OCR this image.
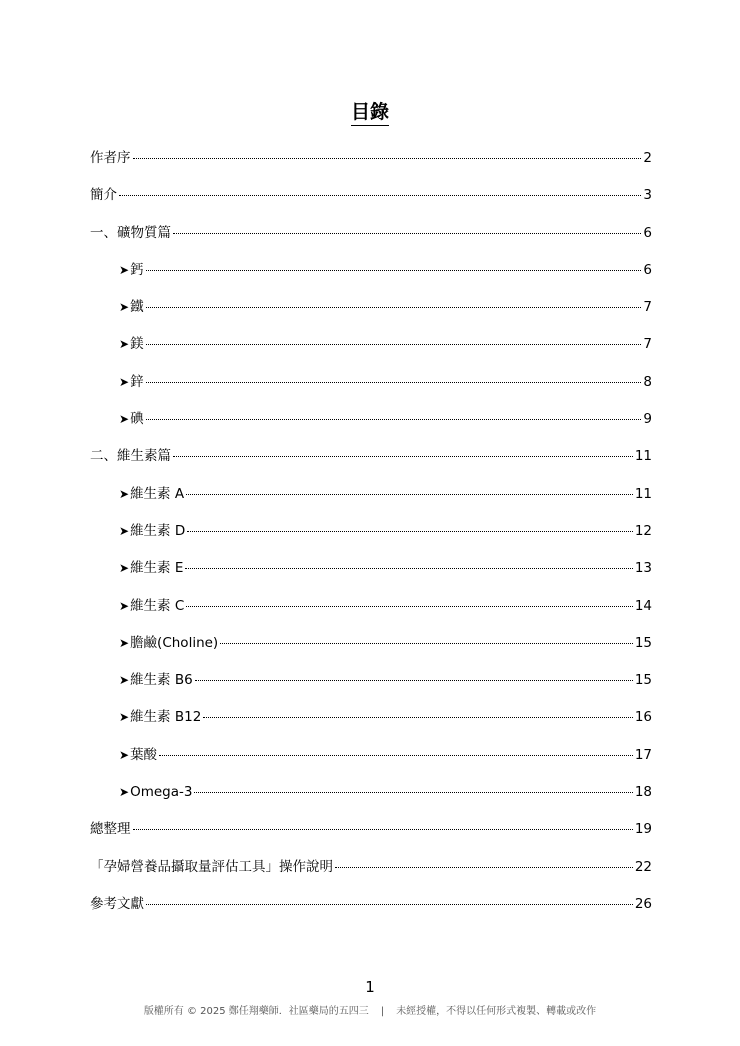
目錄
作者序	2
簡介	3
一、礦物質篇	6
➤鈣	6
➤鐵	7
➤鎂	7
➤鋅	8
➤碘	9
二、維生素篇	11
➤維生素 A	11
➤維生素 D	12
➤維生素 E	13
➤維生素 C	14
➤膽鹼(Choline)	15
➤維生素 B6	15
➤維生素 B12	16
➤葉酸	17
➤Omega-3	18
總整理	19
「孕婦營養品攝取量評估工具」操作說明	22
參考文獻	26
1
版權所有 © 2025 鄭任翔藥師．社區藥局的五四三 | 未經授權，不得以任何形式複製、轉載或改作
